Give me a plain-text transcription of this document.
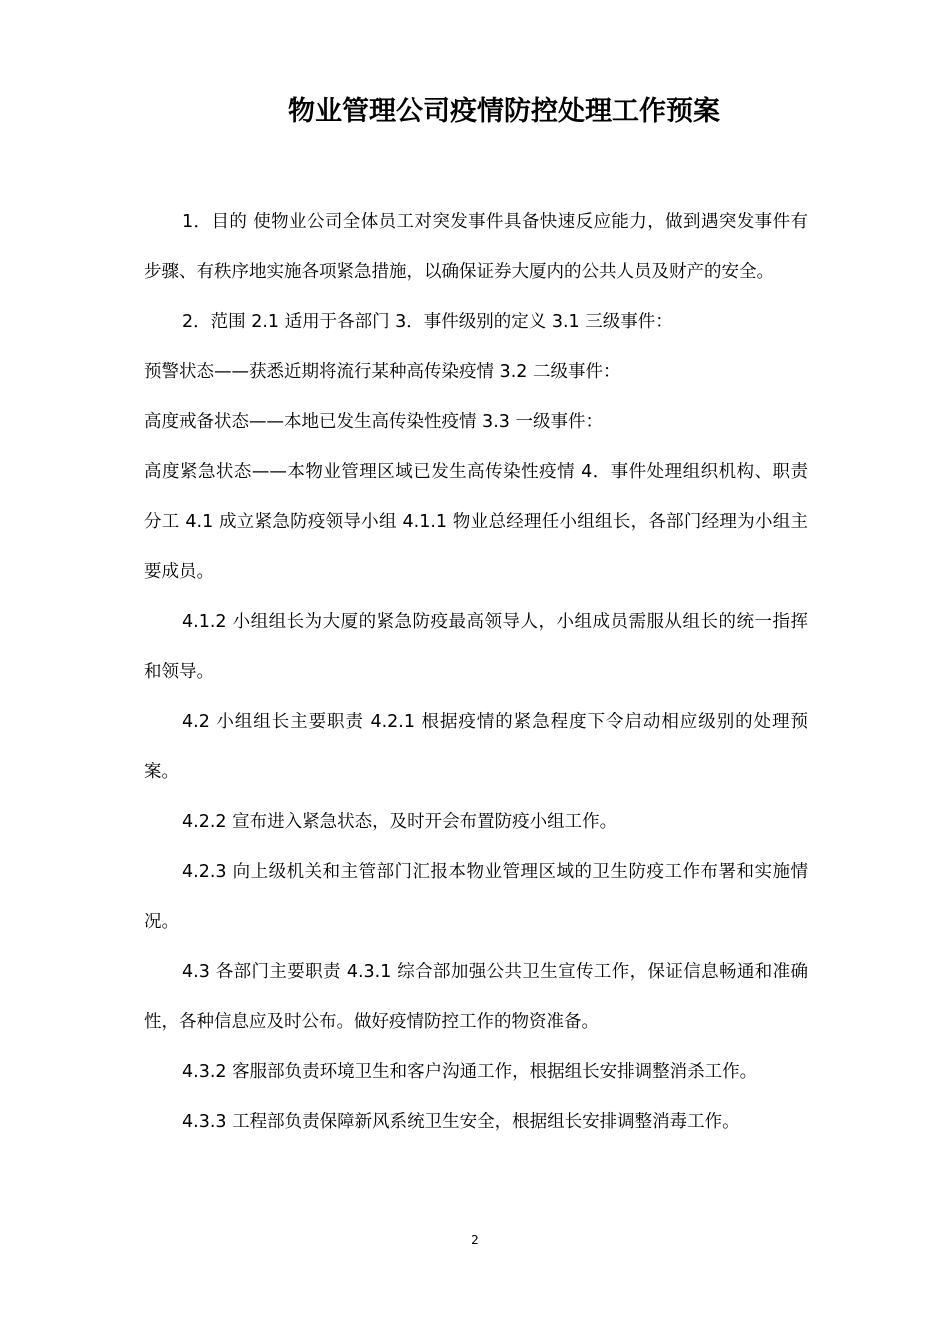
物业管理公司疫情防控处理工作预案

1．目的 使物业公司全体员工对突发事件具备快速反应能力，做到遇突发事件有步骤、有秩序地实施各项紧急措施，以确保证券大厦内的公共人员及财产的安全。

2．范围 2.1 适用于各部门 3．事件级别的定义 3.1 三级事件：

预警状态——获悉近期将流行某种高传染疫情 3.2 二级事件：

高度戒备状态——本地已发生高传染性疫情 3.3 一级事件：

高度紧急状态——本物业管理区域已发生高传染性疫情 4．事件处理组织机构、职责分工 4.1 成立紧急防疫领导小组 4.1.1 物业总经理任小组组长，各部门经理为小组主要成员。

4.1.2 小组组长为大厦的紧急防疫最高领导人，小组成员需服从组长的统一指挥和领导。

4.2 小组组长主要职责 4.2.1 根据疫情的紧急程度下令启动相应级别的处理预案。

4.2.2 宣布进入紧急状态，及时开会布置防疫小组工作。

4.2.3 向上级机关和主管部门汇报本物业管理区域的卫生防疫工作布署和实施情况。

4.3 各部门主要职责 4.3.1 综合部加强公共卫生宣传工作，保证信息畅通和准确性，各种信息应及时公布。做好疫情防控工作的物资准备。

4.3.2 客服部负责环境卫生和客户沟通工作，根据组长安排调整消杀工作。

4.3.3 工程部负责保障新风系统卫生安全，根据组长安排调整消毒工作。

2
